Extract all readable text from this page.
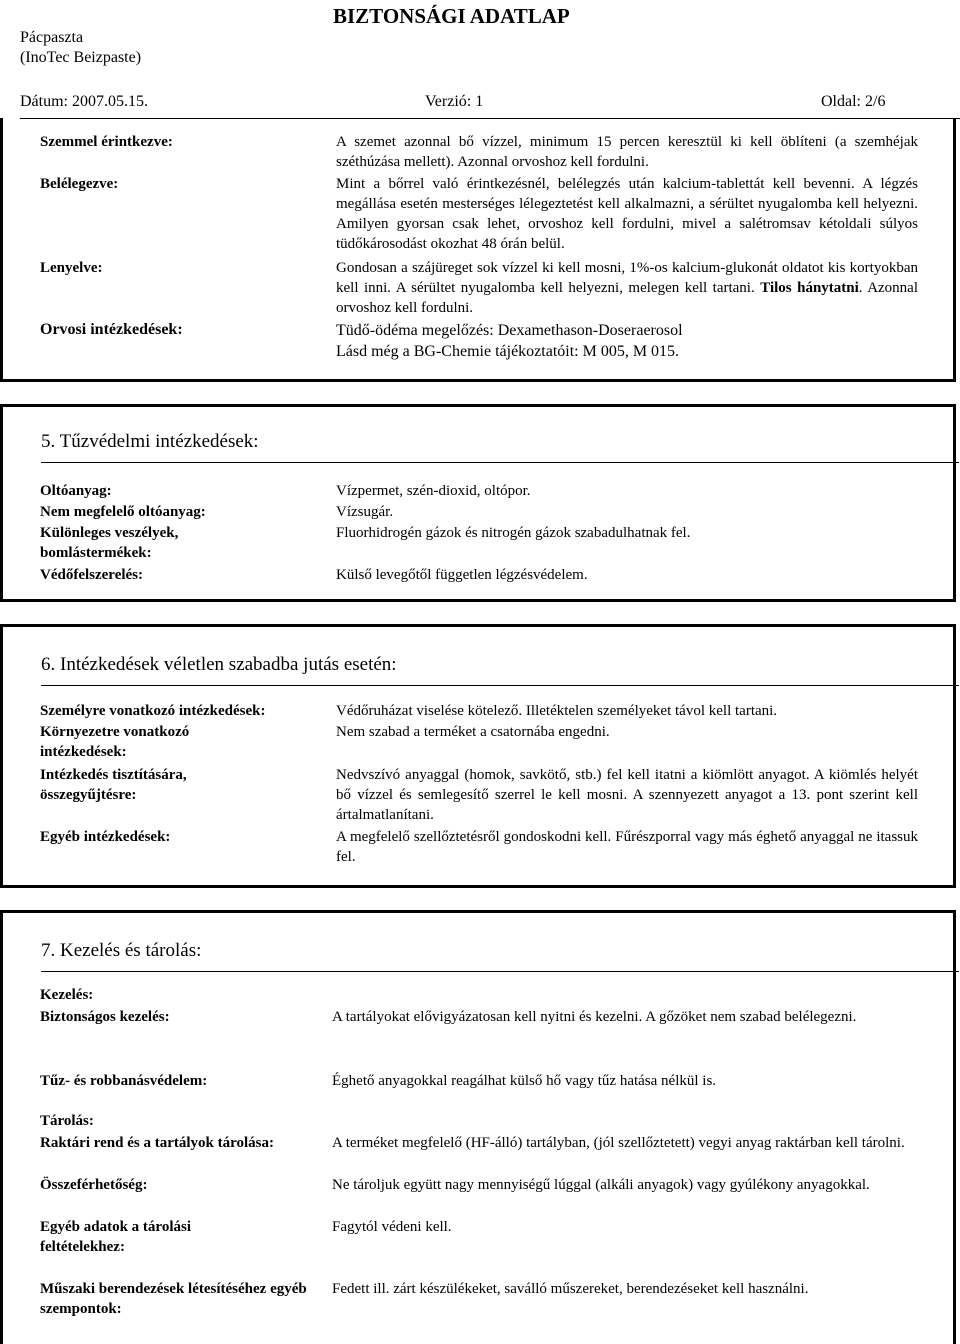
Pácpaszta
(InoTec Beizpaste)
BIZTONSÁGI ADATLAP
Dátum: 2007.05.15.	Verzió: 1	Oldal: 2/6
Szemmel érintkezve:	A szemet azonnal bő vízzel, minimum 15 percen keresztül ki kell öblíteni (a szemhéjak széthúzása mellett). Azonnal orvoshoz kell fordulni.
Belélegezve:	Mint a bőrrel való érintkezésnél, belélegzés után kalcium-tablettát kell bevenni. A légzés megállása esetén mesterséges lélegeztetést kell alkalmazni, a sérültet nyugalomba kell helyezni. Amilyen gyorsan csak lehet, orvoshoz kell fordulni, mivel a salétromsav kétoldali súlyos tüdőkárosodást okozhat 48 órán belül.
Lenyelve:	Gondosan a szájüreget sok vízzel ki kell mosni, 1%-os kalcium-glukonát oldatot kis kortyokban kell inni. A sérültet nyugalomba kell helyezni, melegen kell tartani. Tilos hánytatni. Azonnal orvoshoz kell fordulni.
Orvosi intézkedések:	Tüdő-ödéma megelőzés: Dexamethason-Doseraerosol
Lásd még a BG-Chemie tájékoztatóit: M 005, M 015.
5. Tűzvédelmi intézkedések:
Oltóanyag:	Vízpermet, szén-dioxid, oltópor.
Nem megfelelő oltóanyag:	Vízsugár.
Különleges veszélyek, bomlástermékek:
Fluorhidrogén gázok és nitrogén gázok szabadulhatnak fel.
Védőfelszerelés:	Külső levegőtől független légzésvédelem.
6. Intézkedések véletlen szabadba jutás esetén:
Személyre vonatkozó intézkedések:	Védőruházat viselése kötelező. Illetéktelen személyeket távol kell tartani.
Környezetre vonatkozó intézkedések:
Nem szabad a terméket a csatornába engedni.
Intézkedés tisztítására, összegyűjtésre:
Nedvszívó anyaggal (homok, savkötő, stb.) fel kell itatni a kiömlött anyagot. A kiömlés helyét bő vízzel és semlegesítő szerrel le kell mosni. A szennyezett anyagot a 13. pont szerint kell ártalmatlanítani.
Egyéb intézkedések:	A megfelelő szellőztetésről gondoskodni kell. Fűrészporral vagy más éghető anyaggal ne itassuk fel.
7. Kezelés és tárolás:
Kezelés:
Biztonságos kezelés:	A tartályokat elővigyázatosan kell nyitni és kezelni. A gőzöket nem szabad belélegezni.
Tűz- és robbanásvédelem:	Éghető anyagokkal reagálhat külső hő vagy tűz hatása nélkül is.
Tárolás:
Raktári rend és a tartályok tárolása:	A terméket megfelelő (HF-álló) tartályban, (jól szellőztetett) vegyi anyag raktárban kell tárolni.
Összeférhetőség:	Ne tároljuk együtt nagy mennyiségű lúggal (alkáli anyagok) vagy gyúlékony anyagokkal.
Egyéb adatok a tárolási feltételekhez:
Fagytól védeni kell.
Műszaki berendezések létesítéséhez egyéb szempontok:
Fedett ill. zárt készülékeket, saválló műszereket, berendezéseket kell használni.
